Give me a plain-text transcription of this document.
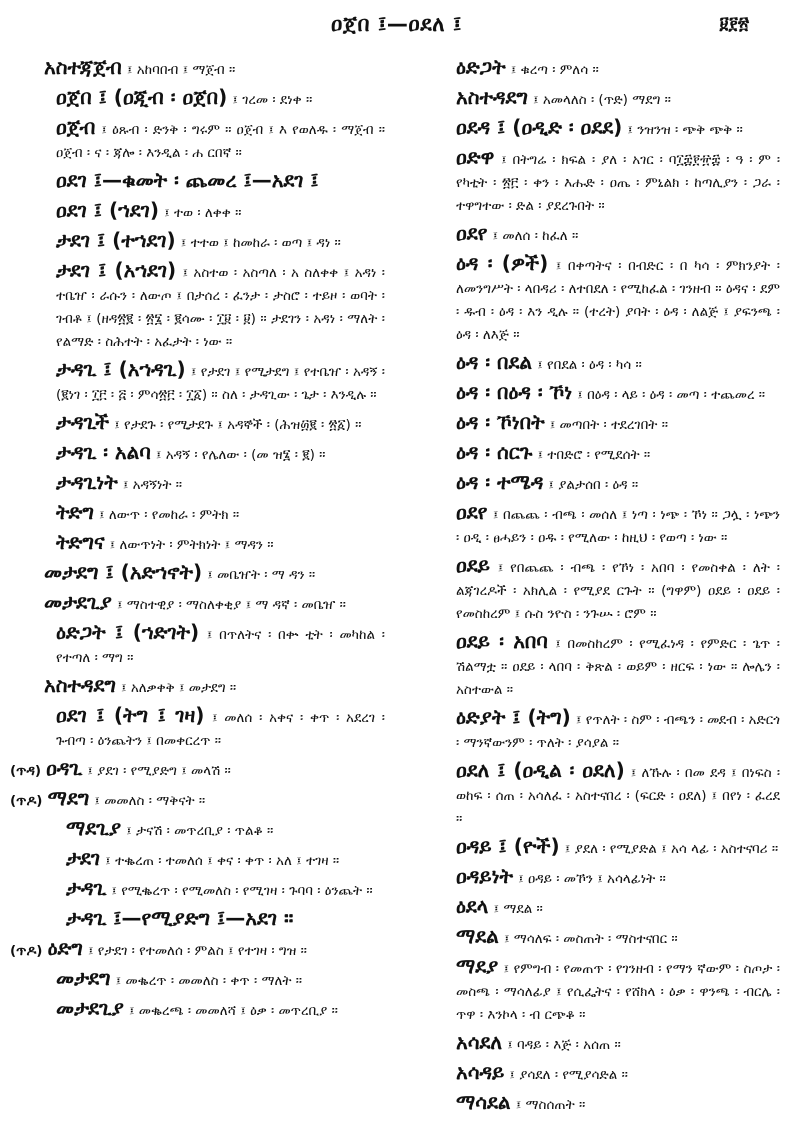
ዐጀበ ፤—ዐደለ ፤	፱፻፳
አስተጃጀብ ፤ አከባበብ ፤ ማጀብ ።
ዐጀበ ፤ (ዐጂብ ፡ ዐጀበ) ፤ ገረመ ፡ ደነቀ ።
ዐጀብ ፤ ዕጹብ ፡ ድንቅ ፡ ግሩም ። ዐጀብ ፤ እ የወለዱ ፡ ማጀብ ። ዐጀብ ፡ ና ፡ ጃሎ ፡ እንዲል ፡ ሐ ርበኛ ።
ዐደገ ፤—ቁመት ፡ ጨመረ ፤—አደገ ፤
ዐደገ ፤ (ኀደገ) ፤ ተወ ፡ ለቀቀ ።
ታደገ ፤ (ተኀደገ) ፤ ተተወ ፤ ከመከራ ፡ ወጣ ፤ ዳነ ።
ታደገ ፤ (አኀደገ) ፤ አስተወ ፡ አስጣለ ፡ አ ስለቀቀ ፤ አዳነ ፡ ተቤዠ ፡ ራሱን ፡ ለውጦ ፤ በታሰረ ፡ ፈንታ ፡ ታስሮ ፡ ተይዞ ፡ ወባት ፡ ገብቶ ፤ (ዘዳ፳፪ ፡ ፳፮ ፡ ፪ሳሙ ፡ ፲፱ ፡ ፱) ። ታደገን ፡ አዳነ ፡ ማለት ፡ የልማድ ፡ ስሕተት ፡ አፈታት ፡ ነው ።
ታዳጊ ፤ (አኀዳጊ) ፤ የታደገ ፤ የሚታደግ ፤ የተቤዠ ፡ አዳኝ ፡ (፪ነገ ፡ ፲፫ ፡ ፭ ፡ ምሳ፳፫ ፡ ፲፩) ። ስለ ፡ ታዳጊው ፡ ጌታ ፡ እንዲሉ ።
ታዳጊች ፤ የታደጉ ፡ የሚታደጉ ፤ አዳኞች ፡ (ሕዝ፴፪ ፡ ፳፩) ።
ታዳጊ ፡ አልባ ፤ አዳኝ ፡ የሌለው ፡ (መ ዝ፮ ፡ ፪) ።
ታዳጊነት ፤ አዳኝነት ።
ትድግ ፤ ለውጥ ፡ የመከራ ፡ ምትክ ።
ትድግና ፤ ለውጥነት ፡ ምትክነት ፤ ማዳን ።
መታደግ ፤ (አድኀኖት) ፤ መቤዠት ፡ ማ ዳን ።
መታደጊያ ፤ ማስተዊያ ፡ ማስለቀቂያ ፤ ማ ዳኛ ፡ መቤዠ ።
ዕድጋት ፤ (ኀድገት) ፤ በጥለትና ፡ በቍ ቲት ፡ መካከል ፡ የተጣለ ፡ ማግ ።
አስተዳደግ ፤ አለቃቀቅ ፤ መታደግ ።
ዐደገ ፤ (ትግ ፤ ገዛ) ፤ መለሰ ፡ አቀና ፡ ቀጥ ፡ አደረገ ፡ ጉብጣ ፡ ዕንጨትን ፤ በመቀርረጥ ።
(ጥዳ) ዐዳጊ ፤ ያደገ ፡ የሚያድግ ፤ መላሽ ።
(ጥዶ) ማደግ ፤ መመለስ ፡ ማቅናት ።
ማደጊያ ፤ ታናሽ ፡ መጥረቢያ ፡ ጥልቆ ።
ታደገ ፤ ተቈረጠ ፡ ተመለሰ ፤ ቀና ፡ ቀጥ ፡ አለ ፤ ተገዛ ።
ታዳጊ ፤ የሚቈረጥ ፡ የሚመለስ ፡ የሚገዛ ፡ ጉባባ ፡ ዕንጨት ።
ታዳጊ ፤—የሚያድግ ፤—አደገ ።
(ጥዶ) ዕድግ ፤ የታደገ ፡ የተመለሰ ፡ ምልስ ፤ የተገዛ ፡ ግዝ ።
መታደግ ፤ መቈረጥ ፡ መመለስ ፡ ቀጥ ፡ ማለት ።
መታደጊያ ፤ መቈረጫ ፡ መመለሻ ፤ ዕቃ ፡ መጥረቢያ ።
ዕድጋት ፤ ቁረጣ ፡ ምለሳ ።
አስተዳደግ ፤ አመላለስ ፡ (ጥድ) ማደግ ።
ዐደዳ ፤ (ዐዲድ ፡ ዐደደ) ፤ ንዝንዝ ፡ ጭቅ ጭቅ ።
ዐድዋ ፤ በትግሬ ፡ ክፍል ፡ ያለ ፡ አገር ፡ ባ፲፰፻፹፰ ፡ ዓ ፡ ም ፡ የካቲት ፡ ፳፫ ፡ ቀን ፡ እሑድ ፡ ዐጤ ፡ ምኒልክ ፡ ከጣሊያን ፡ ጋራ ፡ ተዋግተው ፡ ድል ፡ ያደረጉበት ።
ዐደየ ፤ መለሰ ፡ ከፈለ ።
ዕዳ ፡ (ዎች) ፤ በቀጣትና ፡ በብድር ፡ በ ካሳ ፡ ምክንያት ፡ ለመንግሥት ፡ ላበዳሪ ፡ ለተበደለ ፡ የሚከፈል ፡ ገንዘብ ። ዕዳና ፡ ደም ፡ ዱብ ፡ ዕዳ ፡ እን ዲሉ ። (ተረት) ያባት ፡ ዕዳ ፡ ለልጅ ፤ ያፍንጫ ፡ ዕዳ ፡ ለእጅ ።
ዕዳ ፡ በደል ፤ የበደል ፡ ዕዳ ፡ ካሳ ።
ዕዳ ፡ በዕዳ ፡ ኾነ ፤ በዕዳ ፡ ላይ ፡ ዕዳ ፡ መጣ ፡ ተጨመረ ።
ዕዳ ፡ ኾነበት ፤ መጣበት ፡ ተደረገበት ።
ዕዳ ፡ ሰርጉ ፤ ተበድሮ ፡ የሚደሰት ።
ዕዳ ፡ ተሜዳ ፤ ያልታሰበ ፡ ዕዳ ።
ዐደየ ፤ በጨጨ ፡ ብጫ ፡ መሰለ ፤ ነጣ ፡ ነጭ ፡ ኾነ ። ጋሏ ፡ ነጭን ፡ ዐዲ ፡ ፀሓይን ፡ ዐዱ ፡ የሚለው ፡ ከዚህ ፡ የወጣ ፡ ነው ።
ዐደይ ፤ የበጨጨ ፡ ብጫ ፡ የኾነ ፡ አበባ ፡ የመስቀል ፡ ለት ፡ ልጃገረዶች ፡ አክሊል ፡ የሚያደ ርጉት ። (ግዋም) ዐደይ ፡ ዐደይ ፡ የመስከረም ፤ ሱስ ንዮስ ፡ ንጉሡ ፡ ሮም ።
ዐደይ ፡ አበባ ፤ በመስከረም ፡ የሚፈነዳ ፡ የምድር ፡ ጌጥ ፡ ሽልማቷ ። ዐደይ ፡ ላበባ ፡ ቅጽል ፡ ወይም ፡ ዘርፍ ፡ ነው ። ሎሌን ፡ አስተውል ።
ዕድያት ፤ (ትግ) ፤ የጥለት ፡ ስም ፡ ብጫን ፡ መደብ ፡ አድርጎ ፡ ማንኛውንም ፡ ጥለት ፡ ያሳያል ።
ዐደለ ፤ (ዐዲል ፡ ዐደለ) ፤ ለኹሉ ፡ በመ ደዳ ፤ በነፍስ ፡ ወከፍ ፡ ሰጠ ፡ አሳለፈ ፡ አስተናበረ ፡ (ፍርድ ፡ ዐደለ) ፤ በየነ ፡ ፈረደ ።
ዐዳይ ፤ (ዮች) ፤ ያደለ ፡ የሚያድል ፤ አሳ ላፊ ፡ አስተናባሪ ።
ዐዳይነት ፤ ዐዳይ ፡ መኾን ፤ አሳላፊነት ።
ዕደላ ፤ ማደል ።
ማደል ፤ ማሳለፍ ፡ መስጠት ፡ ማስተናበር ።
ማደያ ፤ የምግብ ፡ የመጠጥ ፡ የገንዘብ ፡ የማን ኛውም ፡ ስጦታ ፡ መስጫ ፡ ማሳለፊያ ፤ የሲፌትና ፡ የሸክላ ፡ ዕቃ ፡ ዋንጫ ፡ ብርሌ ፡ ጥዋ ፡ እንኮላ ፡ ብ ርጭቆ ።
አሳደለ ፤ ባዳይ ፡ እጅ ፡ አሰጠ ።
አሳዳይ ፤ ያሳደለ ፡ የሚያሳድል ።
ማሳደል ፤ ማስሰጠት ።
